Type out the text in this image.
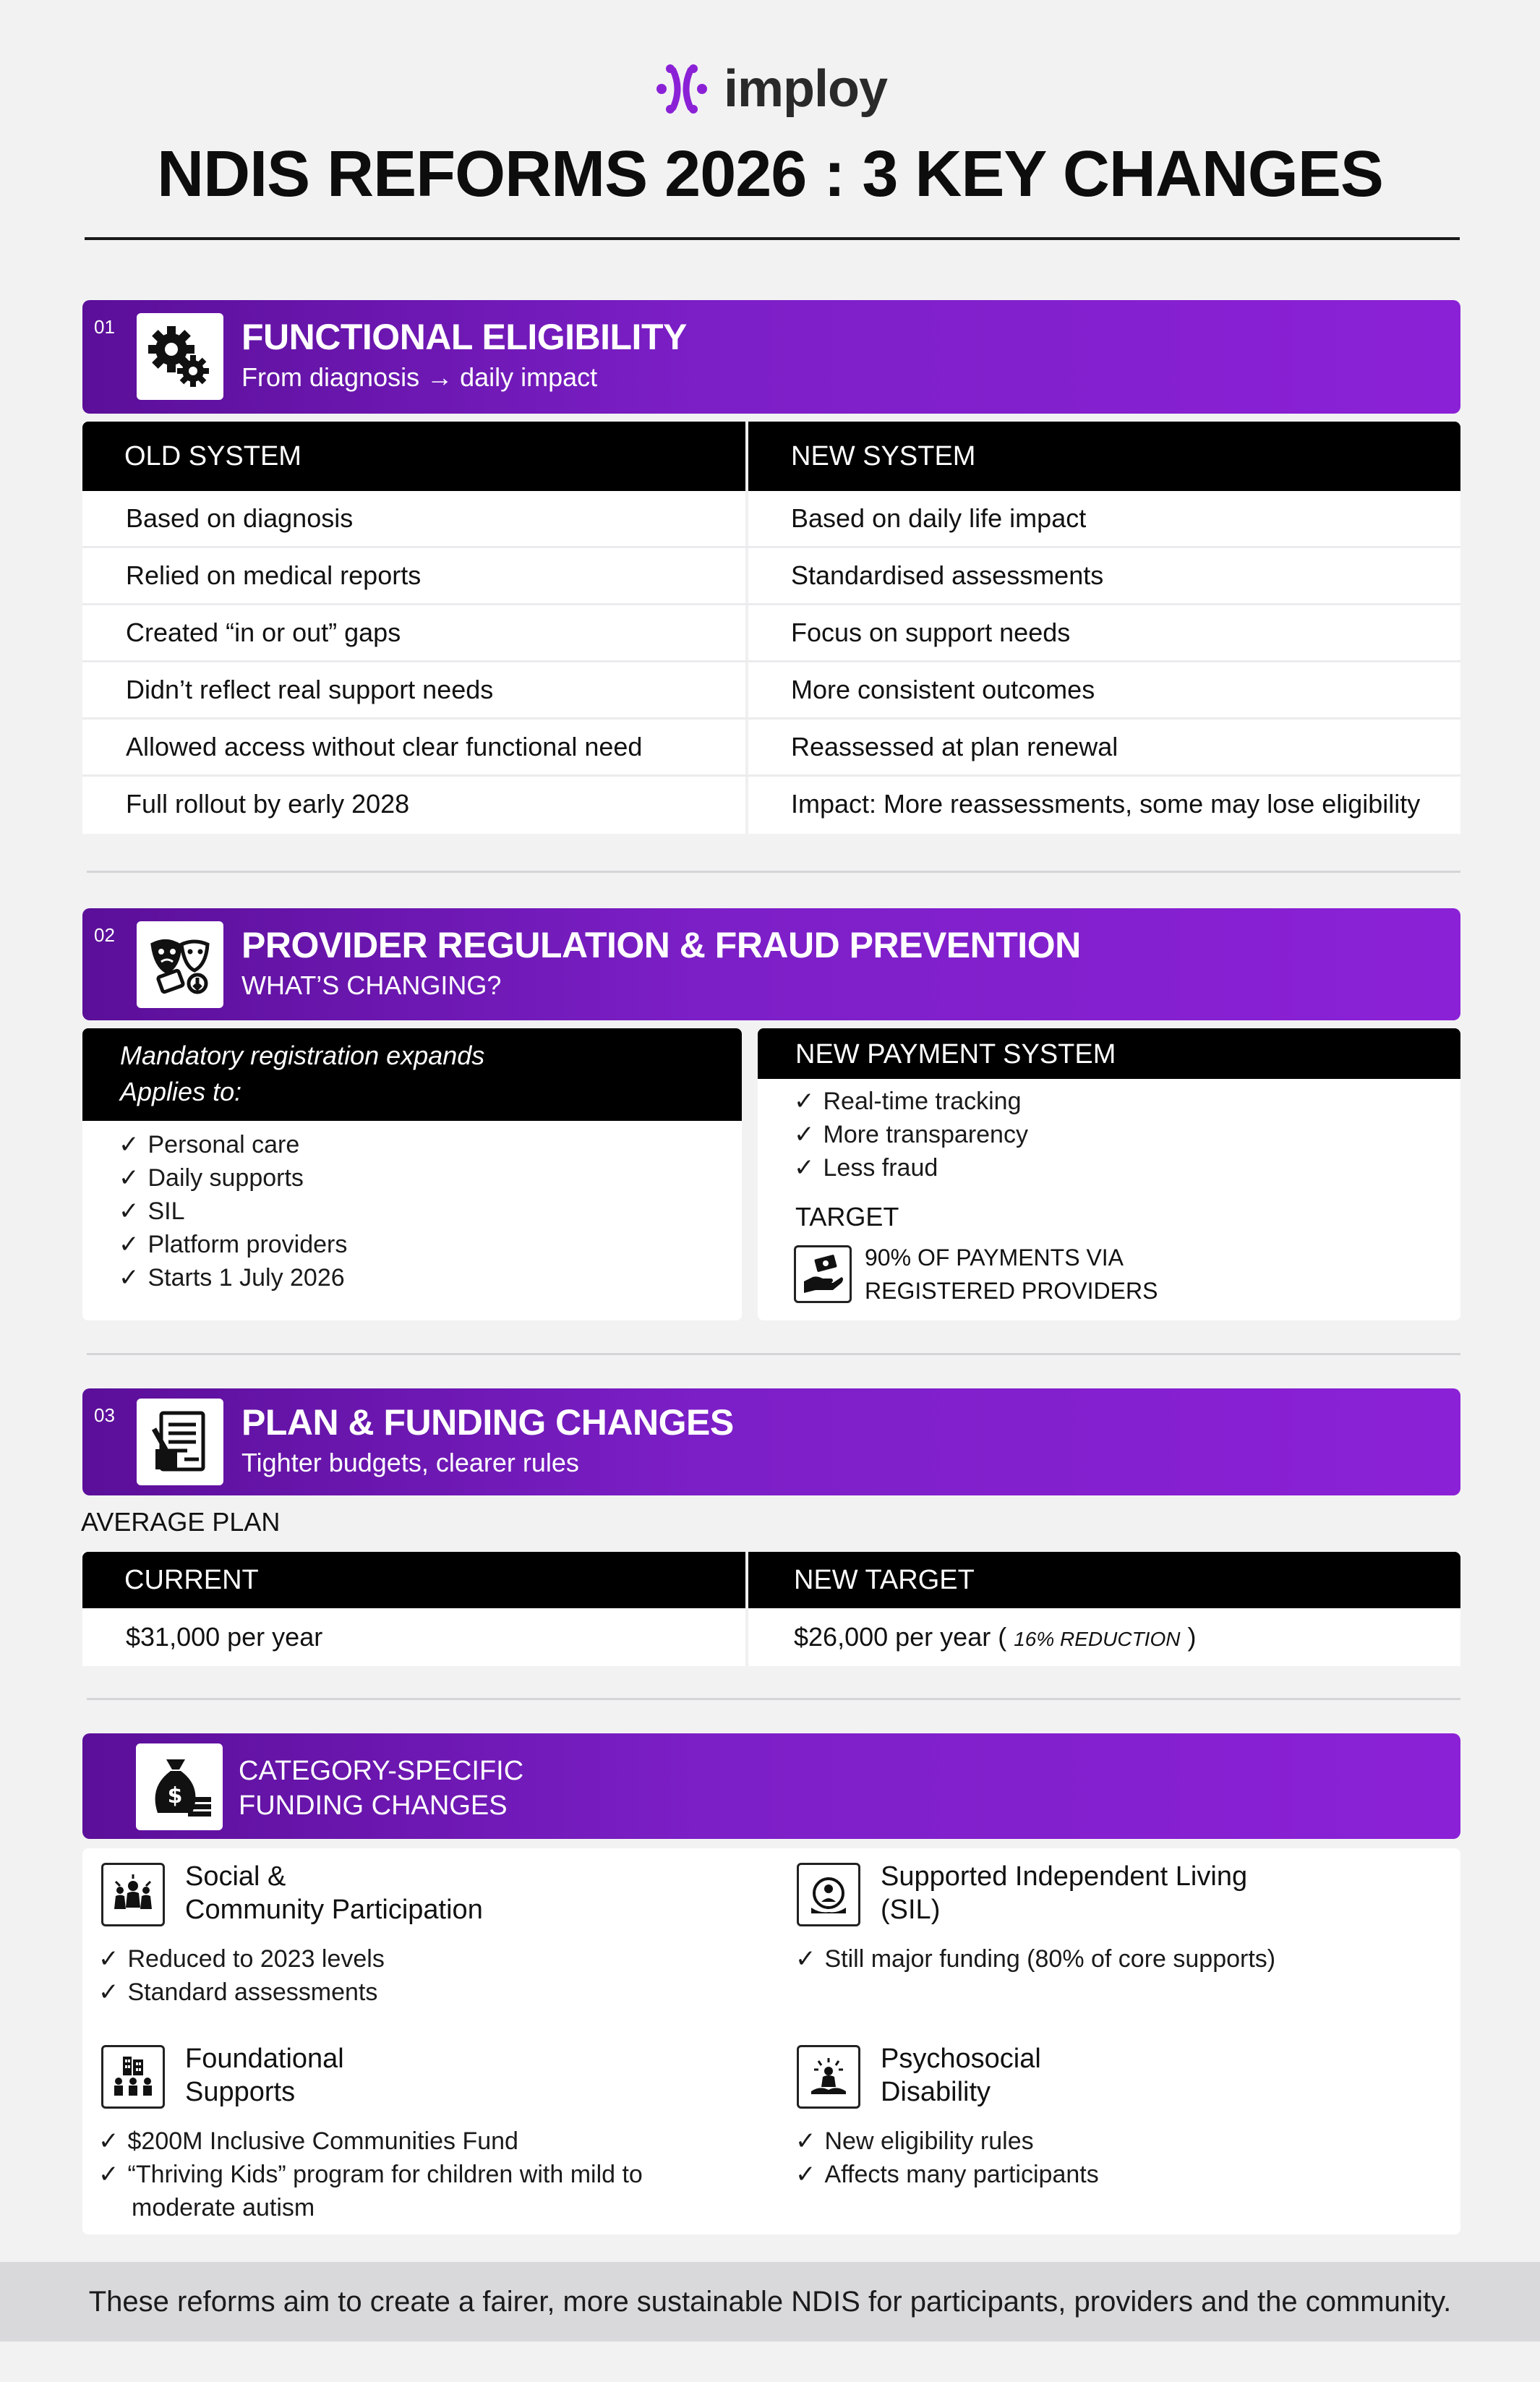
imploy
NDIS REFORMS 2026 : 3 KEY CHANGES
01	FUNCTIONAL ELIGIBILITY
From diagnosis → daily impact
OLD SYSTEM	NEW SYSTEM
Based on diagnosis	Based on daily life impact
Relied on medical reports	Standardised assessments
Created “in or out” gaps	Focus on support needs
Didn’t reflect real support needs	More consistent outcomes
Allowed access without clear functional need	Reassessed at plan renewal
Full rollout by early 2028	Impact: More reassessments, some may lose eligibility
02	PROVIDER REGULATION & FRAUD PREVENTION
WHAT’S CHANGING?
Mandatory registration expands
Applies to:
✓ Personal care
✓ Daily supports
✓ SIL
✓ Platform providers
✓ Starts 1 July 2026
NEW PAYMENT SYSTEM
✓ Real-time tracking
✓ More transparency
✓ Less fraud
TARGET
90% OF PAYMENTS VIA
REGISTERED PROVIDERS
03	PLAN & FUNDING CHANGES
Tighter budgets, clearer rules
AVERAGE PLAN
CURRENT	NEW TARGET
$31,000 per year	$26,000 per year ( 16% REDUCTION )
$
CATEGORY-SPECIFIC
FUNDING CHANGES
Social &
Community Participation
✓ Reduced to 2023 levels
✓ Standard assessments
Supported Independent Living
(SIL)
✓ Still major funding (80% of core supports)
Foundational
Supports
✓ $200M Inclusive Communities Fund
✓ “Thriving Kids” program for children with mild to
moderate autism
Psychosocial
Disability
✓ New eligibility rules
✓ Affects many participants
These reforms aim to create a fairer, more sustainable NDIS for participants, providers and the community.
